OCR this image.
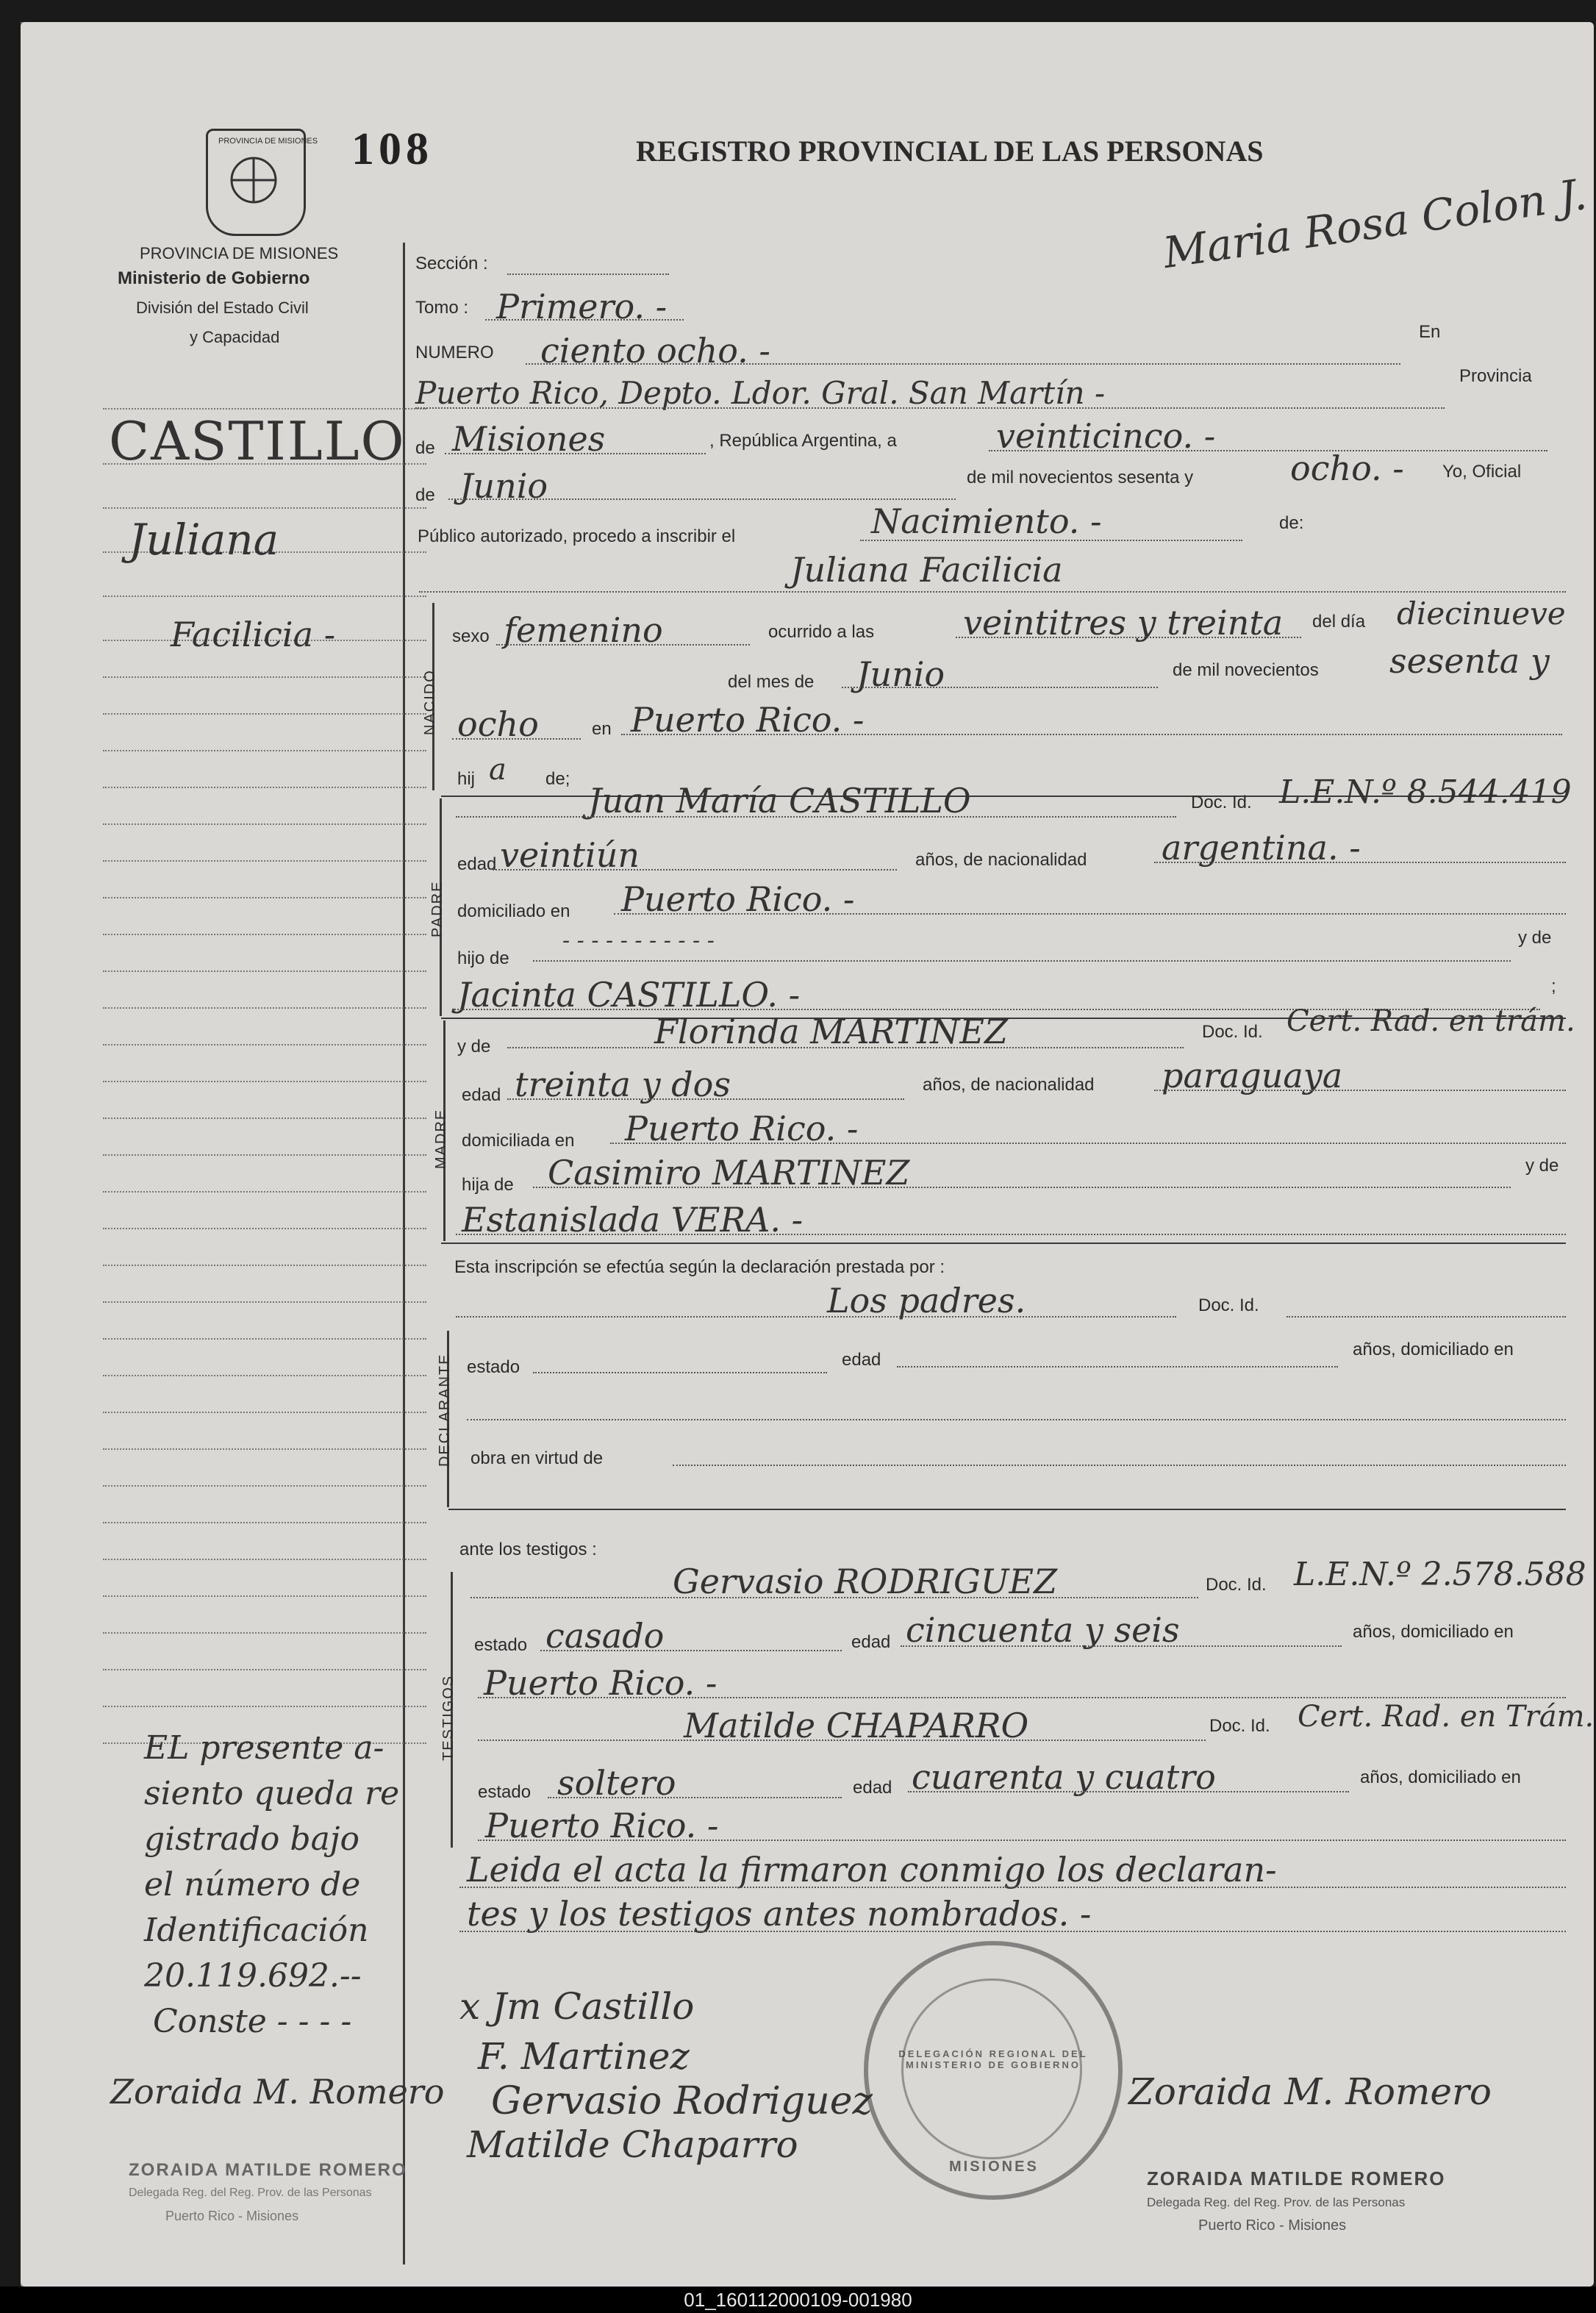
PROVINCIA DE MISIONES 108	REGISTRO PROVINCIAL DE LAS PERSONAS
Maria Rosa Colon J.
PROVINCIA DE MISIONES
Ministerio de Gobierno
División del Estado Civil
y Capacidad
CASTILLO
Juliana
Facilicia -
EL presente a-
siento queda re
gistrado bajo
el número de
Identificación
20.119.692.--
Conste - - - -
Zoraida M. Romero
ZORAIDA MATILDE ROMERO
Delegada Reg. del Reg. Prov. de las Personas
Puerto Rico - Misiones
Sección :
Tomo : Primero. -
NUMERO ciento ocho. -	En
Puerto Rico, Depto. Ldor. Gral. San Martín -	Provincia
de Misiones	, República Argentina, a	veinticinco. -
de Junio	de mil novecientos sesenta y	ocho. - Yo, Oficial
Público autorizado, procedo a inscribir el	Nacimiento. -	de:
Juliana Facilicia
NACIDO
sexo femenino	ocurrido a las	veintitres y treinta del día diecinueve
del mes de Junio	de mil novecientos sesenta y
ocho	en Puerto Rico. -
hij a de;
PADRE
Juan María CASTILLO	Doc. Id. L.E.N.º 8.544.419
edad veintiún	años, de nacionalidad argentina. -
domiciliado en Puerto Rico. -
hijo de
- - - - - - - - - - -	y de
Jacinta CASTILLO. -	;
MADRE
y de	Florinda MARTINEZ	Doc. Id. Cert. Rad. en trám.
edad treinta y dos	años, de nacionalidad paraguaya
domiciliada en Puerto Rico. -
hija de Casimiro MARTINEZ	y de
Estanislada VERA. -
Esta inscripción se efectúa según la declaración prestada por :
Los padres.	Doc. Id.
DECLARANTE estado	edad
años, domiciliado en
obra en virtud de
ante los testigos :
TESTIGOS
Gervasio RODRIGUEZ	Doc. Id. L.E.N.º 2.578.588
estado casado	edad cincuenta y seis	años, domiciliado en
Puerto Rico. -
Matilde CHAPARRO	Doc. Id. Cert. Rad. en Trám.
estado soltero	edad cuarenta y cuatro	años, domiciliado en
Puerto Rico. -
Leida el acta la firmaron conmigo los declaran-
tes y los testigos antes nombrados. -
DELEGACIÓN REGIONAL DEL MINISTERIO DE GOBIERNO
MISIONES
x Jm Castillo
F. Martinez
Gervasio Rodriguez
Matilde Chaparro
Zoraida M. Romero
ZORAIDA MATILDE ROMERO
Delegada Reg. del Reg. Prov. de las Personas
Puerto Rico - Misiones
01_160112000109-001980
